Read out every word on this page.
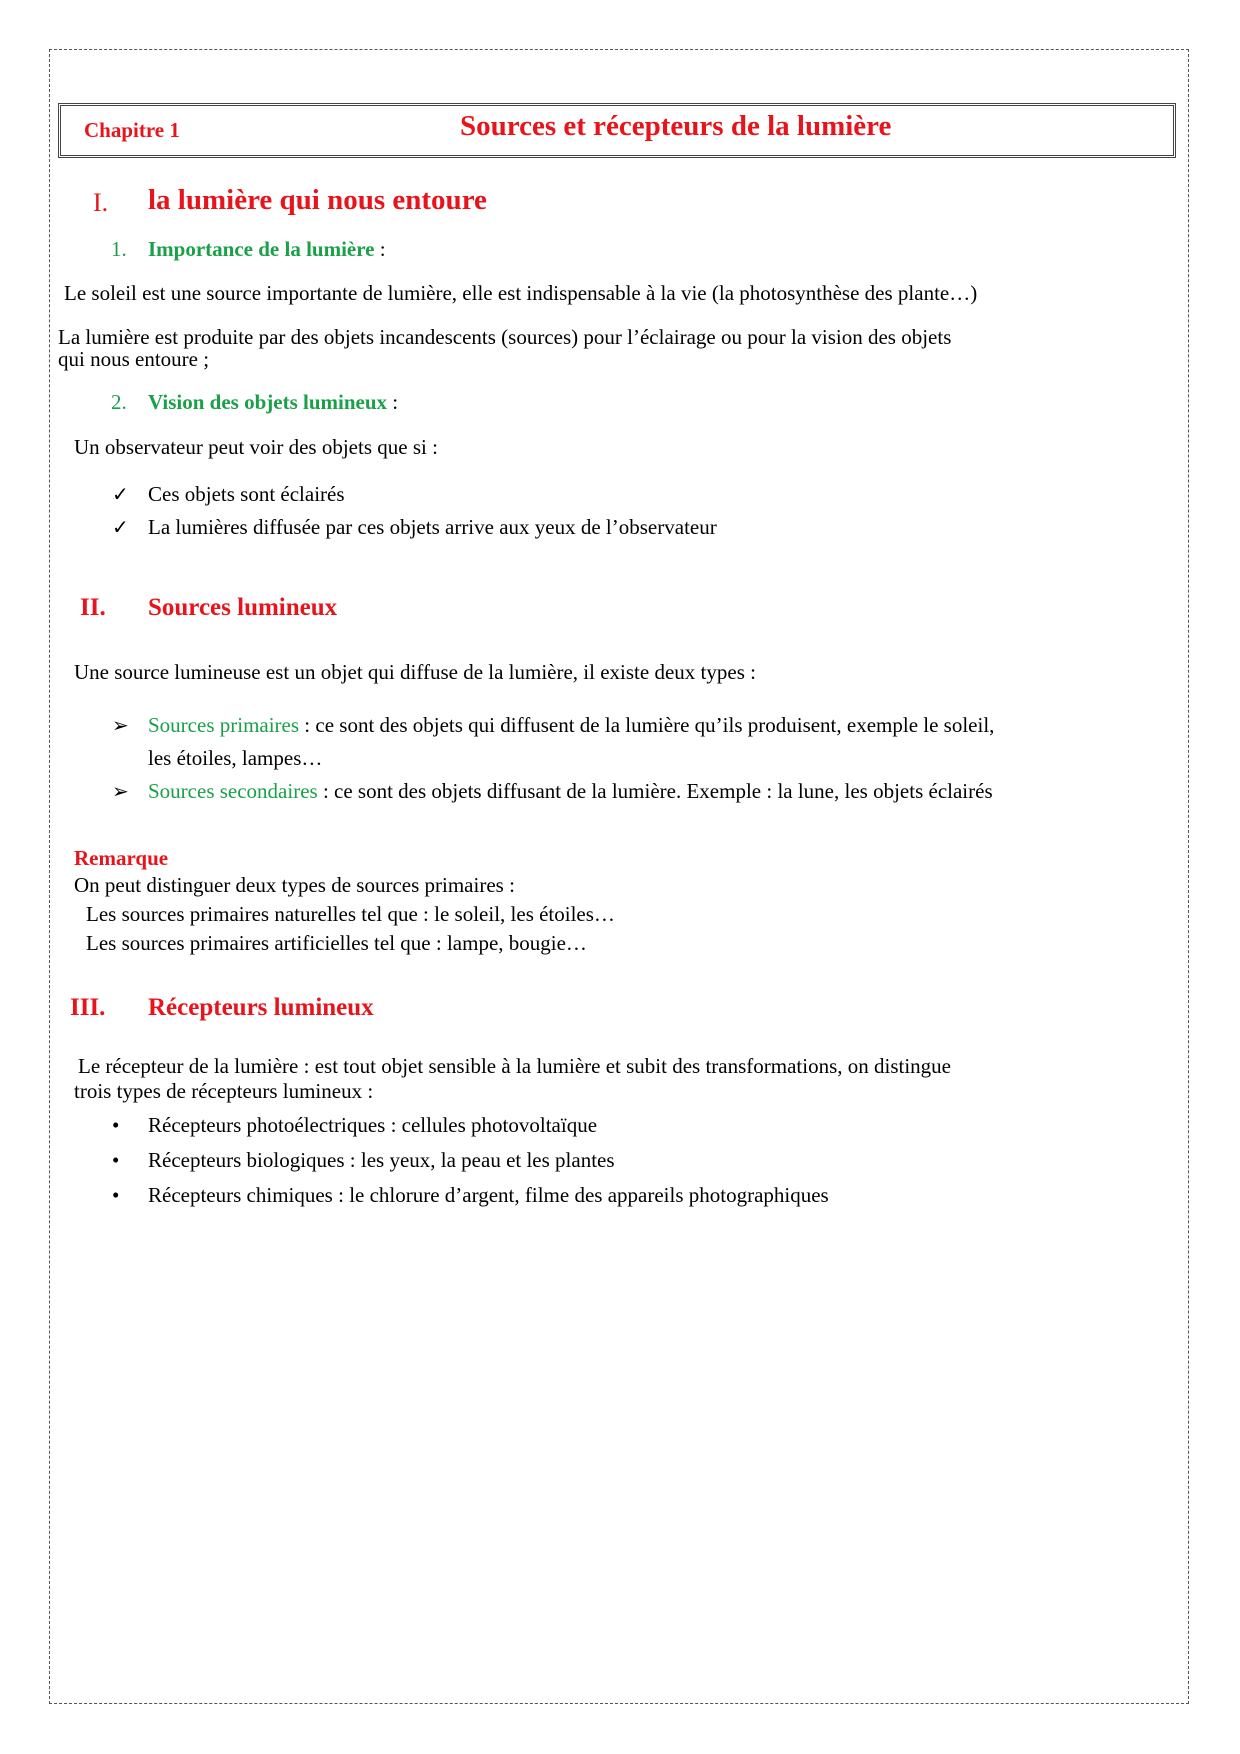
Chapitre 1	Sources et récepteurs de la lumière
I. la lumière qui nous entoure
1. Importance de la lumière :
Le soleil est une source importante de lumière, elle est indispensable à la vie (la photosynthèse des plante…)
La lumière est produite par des objets incandescents (sources) pour l’éclairage ou pour la vision des objets
qui nous entoure ;
2. Vision des objets lumineux :
Un observateur peut voir des objets que si :
✓ Ces objets sont éclairés
✓ La lumières diffusée par ces objets arrive aux yeux de l’observateur
II. Sources lumineux
Une source lumineuse est un objet qui diffuse de la lumière, il existe deux types :
➢ Sources primaires : ce sont des objets qui diffusent de la lumière qu’ils produisent, exemple le soleil,
les étoiles, lampes…
➢ Sources secondaires : ce sont des objets diffusant de la lumière. Exemple : la lune, les objets éclairés
Remarque
On peut distinguer deux types de sources primaires :
Les sources primaires naturelles tel que : le soleil, les étoiles…
Les sources primaires artificielles tel que : lampe, bougie…
III. Récepteurs lumineux
Le récepteur de la lumière : est tout objet sensible à la lumière et subit des transformations, on distingue
trois types de récepteurs lumineux :
• Récepteurs photoélectriques : cellules photovoltaïque
• Récepteurs biologiques : les yeux, la peau et les plantes
• Récepteurs chimiques : le chlorure d’argent, filme des appareils photographiques
